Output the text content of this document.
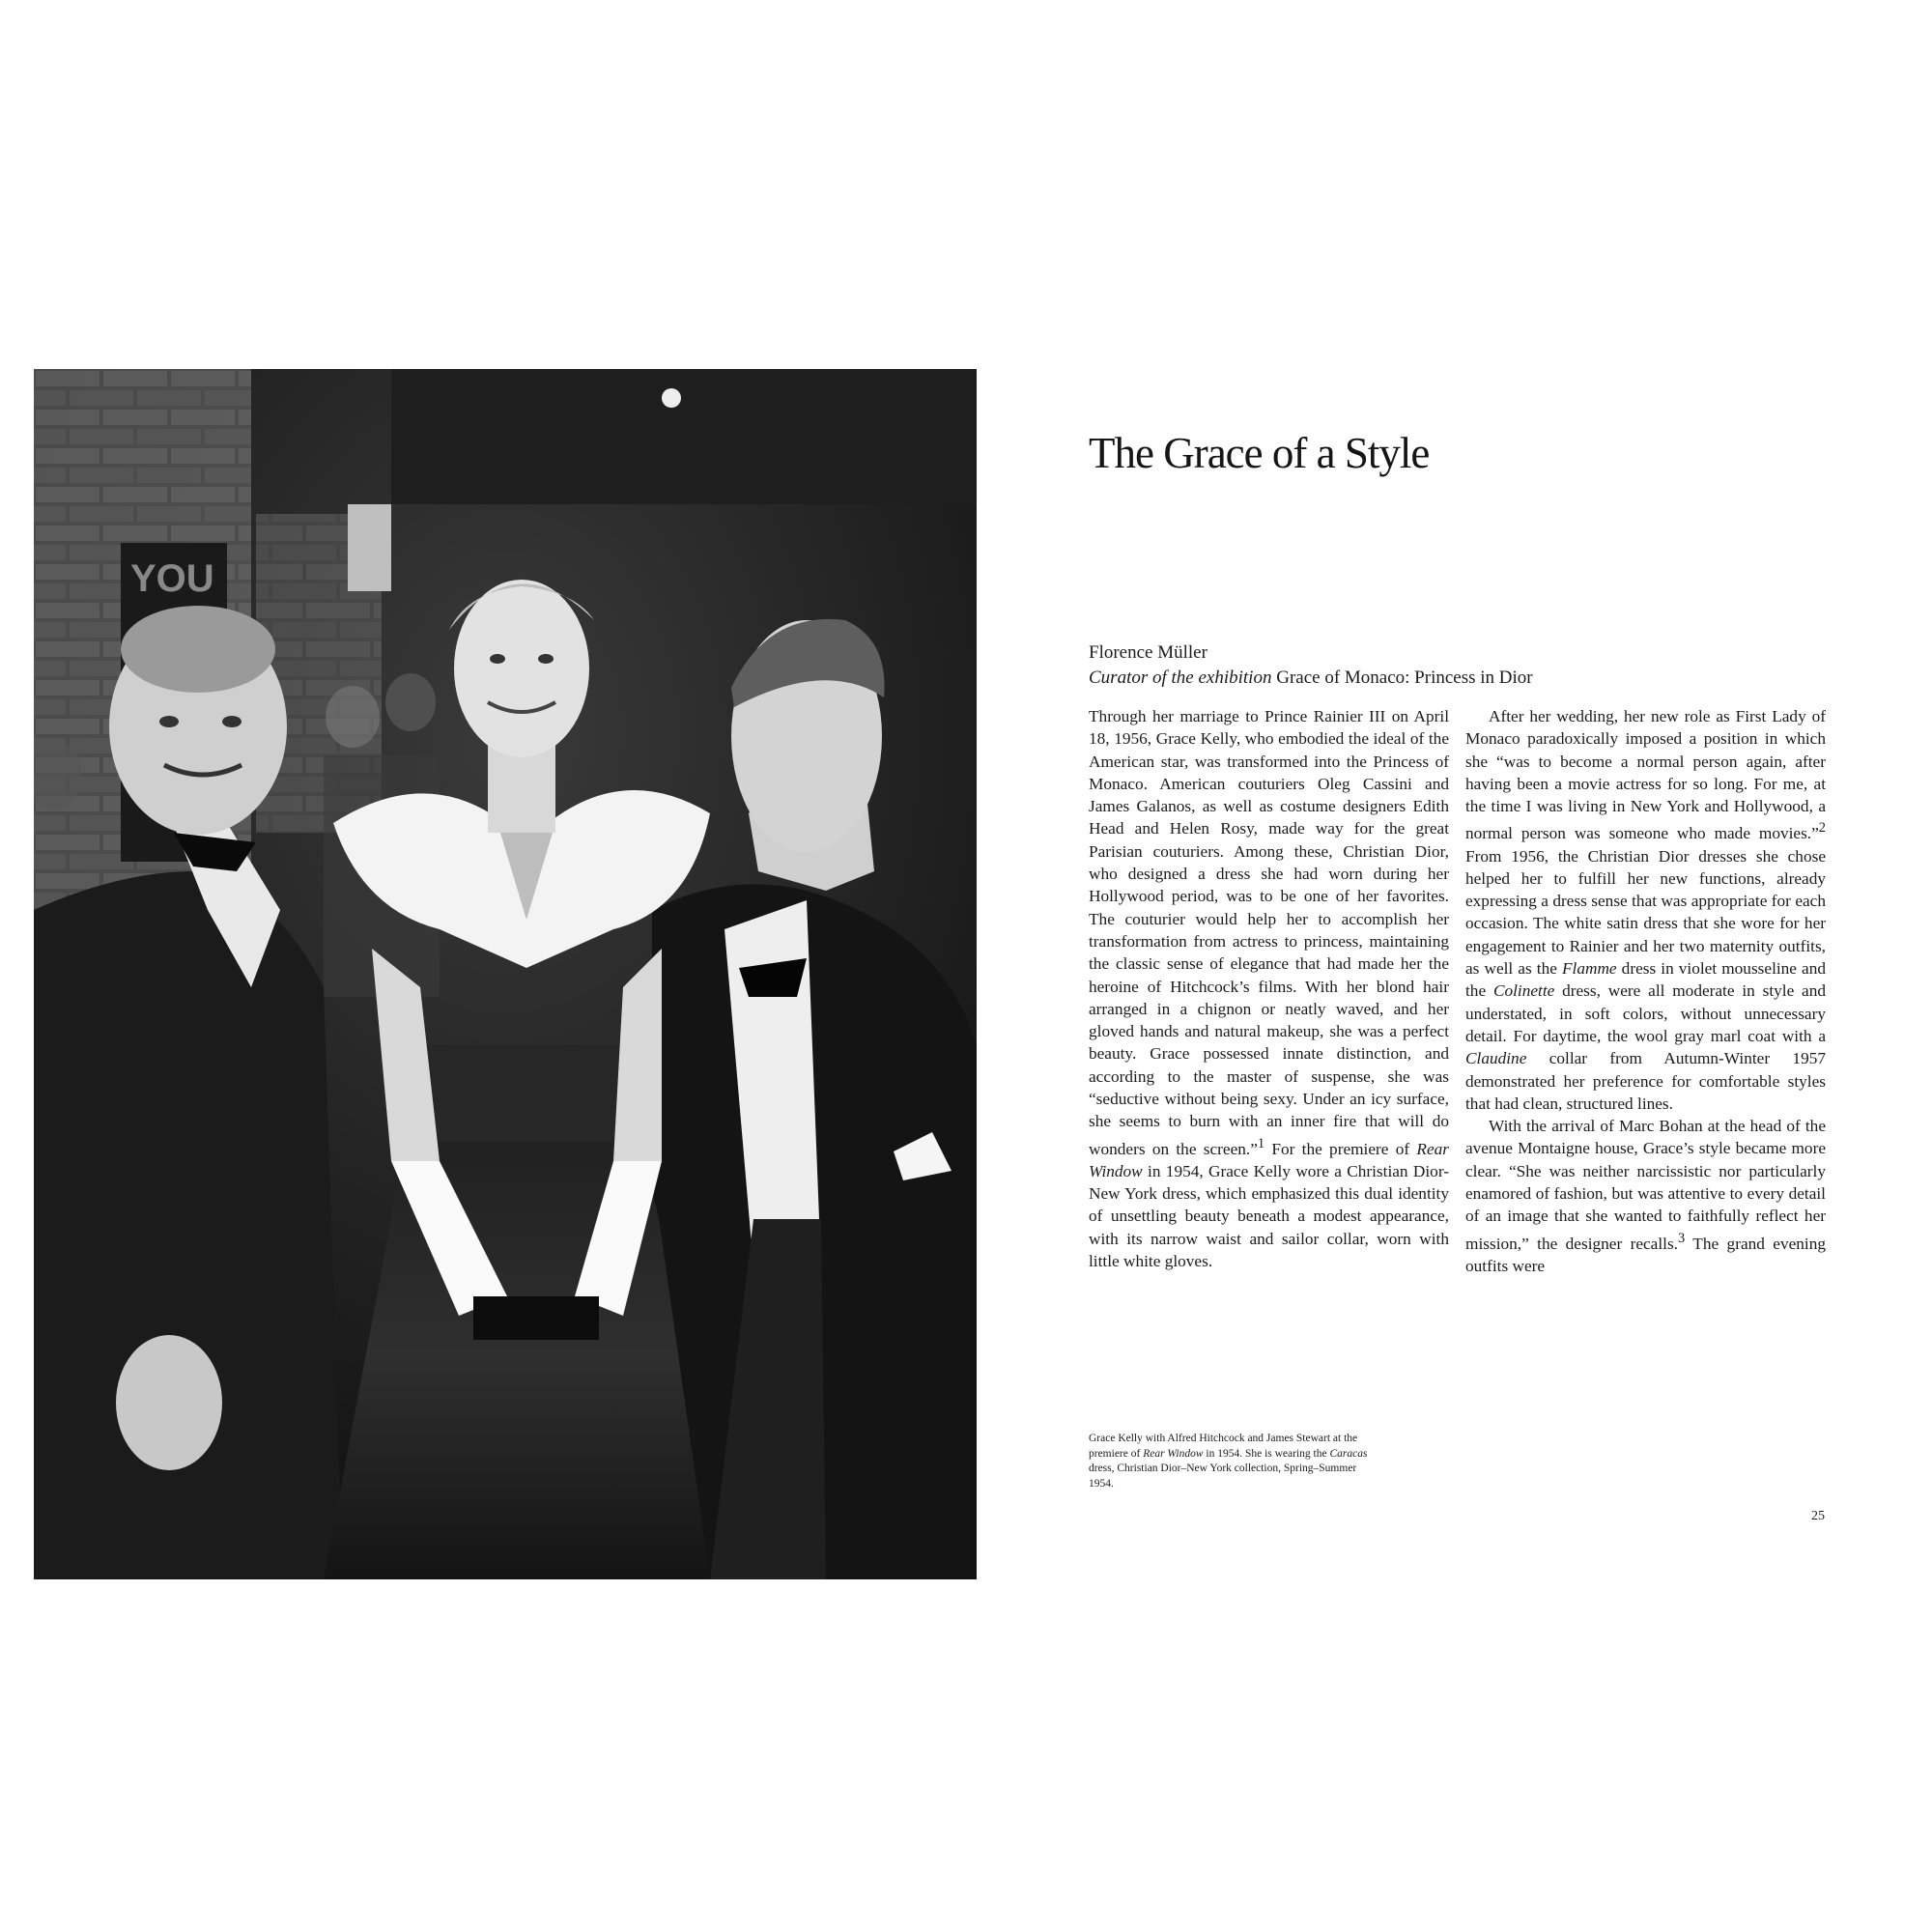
YOU
The Grace of a Style
Florence Müller
Curator of the exhibition Grace of Monaco: Princess in Dior

Through her marriage to Prince Rainier III on April 18, 1956, Grace Kelly, who embodied the ideal of the American star, was transformed into the Princess of Monaco. American couturiers Oleg Cassini and James Galanos, as well as costume designers Edith Head and Helen Rosy, made way for the great Parisian couturiers. Among these, Christian Dior, who designed a dress she had worn during her Hollywood period, was to be one of her favorites. The couturier would help her to accomplish her transformation from actress to princess, maintaining the classic sense of elegance that had made her the heroine of Hitchcock’s films. With her blond hair arranged in a chignon or neatly waved, and her gloved hands and natural makeup, she was a perfect beauty. Grace possessed innate distinction, and according to the master of suspense, she was “seductive without being sexy. Under an icy surface, she seems to burn with an inner fire that will do wonders on the screen.”$^1$ For the premiere of Rear Window in 1954, Grace Kelly wore a Christian Dior-New York dress, which emphasized this dual identity of unsettling beauty beneath a modest appearance, with its narrow waist and sailor collar, worn with little white gloves.

After her wedding, her new role as First Lady of Monaco paradoxically imposed a position in which she “was to become a normal person again, after having been a movie actress for so long. For me, at the time I was living in New York and Hollywood, a normal person was someone who made movies.”$^2$ From 1956, the Christian Dior dresses she chose helped her to fulfill her new functions, already expressing a dress sense that was appropriate for each occasion. The white satin dress that she wore for her engagement to Rainier and her two maternity outfits, as well as the Flamme dress in violet mousseline and the Colinette dress, were all moderate in style and understated, in soft colors, without unnecessary detail. For daytime, the wool gray marl coat with a Claudine collar from Autumn-Winter 1957 demonstrated her preference for comfortable styles that had clean, structured lines.

With the arrival of Marc Bohan at the head of the avenue Montaigne house, Grace’s style became more clear. “She was neither narcissistic nor particularly enamored of fashion, but was attentive to every detail of an image that she wanted to faithfully reflect her mission,” the designer recalls.$^3$ The grand evening outfits were

Grace Kelly with Alfred Hitchcock and James Stewart at the premiere of Rear Window in 1954. She is wearing the Caracas dress, Christian Dior–New York collection, Spring–Summer 1954.
25
